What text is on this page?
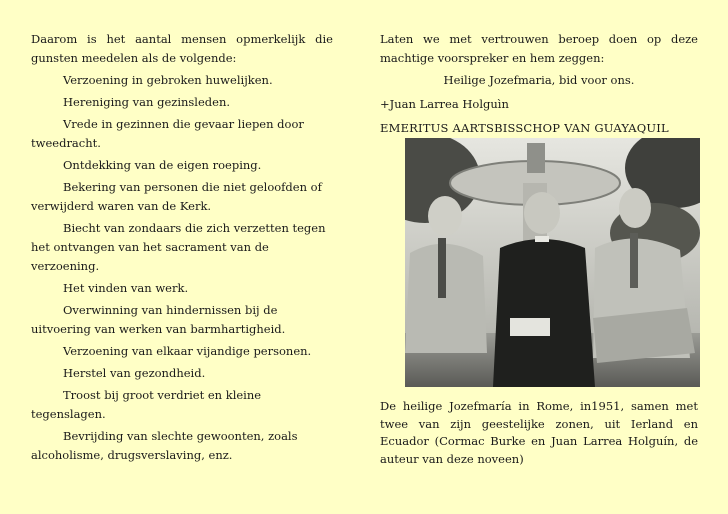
Daarom is het aantal mensen opmerkelijk die gunsten meedelen als de volgende:

Verzoening in gebroken huwelijken.

Hereniging van gezinsleden.

Vrede in gezinnen die gevaar liepen door tweedracht.

Ontdekking van de eigen roeping.

Bekering van personen die niet geloofden of verwijderd waren van de Kerk.

Biecht van zondaars die zich verzetten tegen het ontvangen van het sacrament van de verzoening.

Het vinden van werk.

Overwinning van hindernissen bij de uitvoering van werken van barmhartigheid.

Verzoening van elkaar vijandige personen.

Herstel van gezondheid.

Troost bij groot verdriet en kleine tegenslagen.

Bevrijding van slechte gewoonten, zoals alcoholisme, drugsverslaving, enz.

Laten we met vertrouwen beroep doen op deze machtige voorspreker en hem zeggen:

Heilige Jozefmaria, bid voor ons.

+Juan Larrea Holguìn

EMERITUS AARTSBISSCHOP VAN GUAYAQUIL

De heilige Jozefmaría in Rome, in1951, samen met twee van zijn geestelijke zonen, uit Ierland en Ecuador (Cormac Burke en Juan Larrea Holguín, de auteur van deze noveen)
